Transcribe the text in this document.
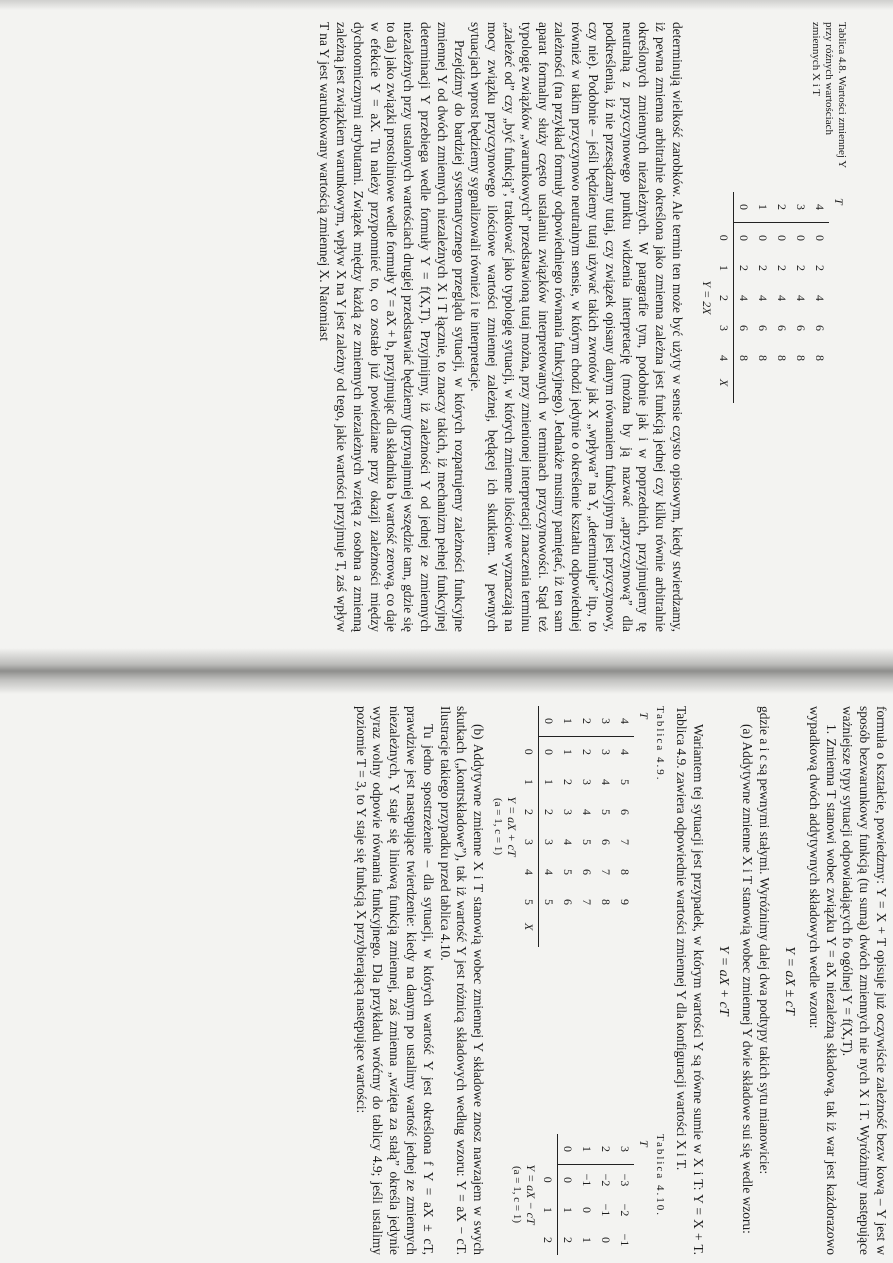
Tablica 4.8. Wartości zmiennej Y przy różnych wartościach zmiennych X i T
T						
4	0	2	4	6	8	
3	0	2	4	6	8	
2	0	2	4	6	8	
1	0	2	4	6	8	
0	0	2	4	6	8	
	0	1	2	3	4	X
Y = 2X

determinują wielkość zarobków. Ale termin ten może być użyty w sensie czysto opisowym, kiedy stwierdzamy, iż pewna zmienna arbitralnie określona jako zmienna zależna jest funkcją jednej czy kilku równie arbitralnie określonych zmiennych niezależnych. W paragrafie tym, podobnie jak i w poprzednich, przyjmujemy tę neutralną z przyczynowego punktu widzenia interpretację (można by ją nazwać „aprzyczynową” dla podkreślenia, iż nie przesądzamy tutaj, czy związek opisany danym równaniem funkcyjnym jest przyczynowy, czy nie). Podobnie – jeśli będziemy tutaj używać takich zwrotów jak X „wpływa” na Y, „determinuje” itp., to również w takim przyczynowo neutralnym sensie, w którym chodzi jedynie o określenie kształtu odpowiedniej zależności (na przykład formuły odpowiedniego równania funkcyjnego). Jednakże musimy pamiętać, iż ten sam aparat formalny służy często ustalaniu związków interpretowanych w terminach przyczynowości. Stąd też typologię związków „warunkowych” przedstawioną tutaj można, przy zmienionej interpretacji znaczenia terminu „zależeć od” czy „być funkcją”, traktować jako typologię sytuacji, w których zmienne ilościowe wyznaczają na mocy związku przyczynowego ilościowe wartości zmiennej zależnej, będącej ich skutkiem. W pewnych sytuacjach wprost będziemy sygnalizowali również i te interpretacje.

Przejdźmy do bardziej systematycznego przeglądu sytuacji, w których rozpatrujemy zależności funkcyjne zmiennej Y od dwóch zmiennych niezależnych X i T łącznie, to znaczy takich, iż mechanizm pełnej funkcyjnej determinacji Y przebiega wedle formuły Y = f(X,T). Przyjmijmy, iż zależności Y od jednej ze zmiennych niezależnych przy ustalonych wartościach drugiej przedstawiać będziemy (przynajmniej wszędzie tam, gdzie się to da) jako związki prostoliniowe wedle formuły Y = aX + b, przyjmując dla składnika b wartość zerową, co daje w efekcie Y = aX. Tu należy przypomnieć to, co zostało już powiedziane przy okazji zależności między dychotomicznymi atrybutami. Związek między każdą ze zmiennych niezależnych wziętą z osobna a zmienną zależną jest związkiem warunkowym, wpływ X na Y jest zależny od tego, jakie wartości przyjmuje T, zaś wpływ T na Y jest warunkowany wartością zmiennej X. Natomiast

formuła o kształcie, powiedzmy: Y = X + T opisuje już oczywiście zależność bezw kową – Y jest w sposób bezwarunkowy funkcją (tu sumą) dwóch zmiennych nie nych X i T. Wyróżnimy następujące ważniejsze typy sytuacji odpowiadających fo ogólnej Y = f(X,T).

1. Zmienna T stanowi wobec związku Y = aX niezależną składową, tak iż war jest każdorazowo wypadkową dwóch addytywnych składowych wedle wzoru:

Y = aX ± cT

gdzie a i c są pewnymi stałymi. Wyróżnimy dalej dwa podtypy takich sytu mianowicie:

(a) Addytywne zmienne X i T stanowią wobec zmiennej Y dwie składowe sui się wedle wzoru:

Y = aX + cT

Wariantem tej sytuacji jest przypadek, w którym wartości Y są równe sumie w X i T: Y = X + T. Tablica 4.9. zawiera odpowiednie wartości zmiennej Y dla konfiguracji wartości X i T.

Tablica 4.9.
T							
4	4	5	6	7	8	9	
3	3	4	5	6	7	8	
2	2	3	4	5	6	7	
1	1	2	3	4	5	6	
0	0	1	2	3	4	5	
	0	1	2	3	4	5	X
Y = aX + cT
(a = 1, c = 1)
Tablica 4.10.
T			
3	−3	−2	−1
2	−2	−1	0
1	−1	0	1
0	0	1	2
	0	1	2
Y = aX − cT
(a = 1, c = 1)

(b) Addytywne zmienne X i T stanowią wobec zmiennej Y składowe znosz nawzajem w swych skutkach („kontrskładowe”), tak iż wartość Y jest różnicą składowych według wzoru: Y = aX − cT. Ilustracje takiego przypadku przed tablica 4.10.

Tu jedno spostrzeżenie – dla sytuacji, w których wartość Y jest określona f Y = aX ± cT, prawdziwe jest następujące twierdzenie: kiedy na danym po ustalimy wartość jednej ze zmiennych niezależnych, Y staje się liniową funkcją zmiennej, zaś zmienna „wzięta za stałą” określa jedynie wyraz wolny odpowie równania funkcyjnego. Dla przykładu wróćmy do tablicy 4.9; jeśli ustalimy poziomie T = 3, to Y staje się funkcją X przybierającą następujące wartości:
